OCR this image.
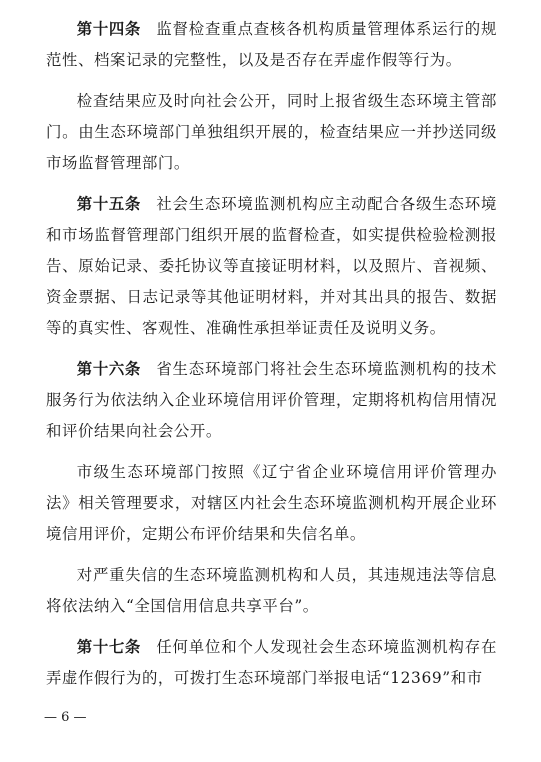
第十四条 监督检查重点查核各机构质量管理体系运行的规范性、档案记录的完整性，以及是否存在弄虚作假等行为。

检查结果应及时向社会公开，同时上报省级生态环境主管部门。由生态环境部门单独组织开展的，检查结果应一并抄送同级市场监督管理部门。

第十五条 社会生态环境监测机构应主动配合各级生态环境和市场监督管理部门组织开展的监督检查，如实提供检验检测报告、原始记录、委托协议等直接证明材料，以及照片、音视频、资金票据、日志记录等其他证明材料，并对其出具的报告、数据等的真实性、客观性、准确性承担举证责任及说明义务。

第十六条 省生态环境部门将社会生态环境监测机构的技术服务行为依法纳入企业环境信用评价管理，定期将机构信用情况和评价结果向社会公开。

市级生态环境部门按照《辽宁省企业环境信用评价管理办法》相关管理要求，对辖区内社会生态环境监测机构开展企业环境信用评价，定期公布评价结果和失信名单。

对严重失信的生态环境监测机构和人员，其违规违法等信息将依法纳入“全国信用信息共享平台”。

第十七条 任何单位和个人发现社会生态环境监测机构存在弄虚作假行为的，可拨打生态环境部门举报电话“12369”和市

— 6 —
